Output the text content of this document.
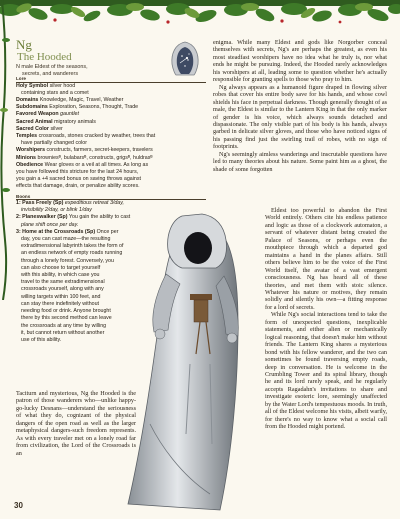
Ng
The Hooded
N male Eldest of the seasons,
secrets, and wanderers
Lore

Holy Symbol silver hood
containing stars and a comet

Domains Knowledge, Magic, Travel, Weather

Subdomains Exploration, Seasons, Thought, Trade

Favored Weapon gauntlet

Sacred Animal migratory animals

Sacred Color silver

Temples crossroads, stones cracked by weather, trees that
have partially changed color

Worshipers constructs, farmers, secret-keepers, travelers

Minions browniesᴮ, bulabarsᴮ, constructs, grigsᴮ, huldrasᴮ

Obedience Wear gloves or a veil at all times. As long as
you have followed this stricture for the last 24 hours,
you gain a +4 sacred bonus on saving throws against
effects that damage, drain, or penalize ability scores.

Boons

1: Pass Freely (Sp) expeditious retreat 3/day,
invisibility 2/day, or blink 1/day

2: Planeswalker (Sp) You gain the ability to cast
plane shift once per day.

3: Home at the Crossroads (Sp) Once per
day, you can cast maze—the resulting
extradimensional labyrinth takes the form of
an endless network of empty roads running
through a lonely forest. Conversely, you
can also choose to target yourself
with this ability, in which case you
travel to the same extradimensional
crossroads yourself, along with any
willing targets within 100 feet, and
can stay there indefinitely without
needing food or drink. Anyone brought
there by this second method can leave
the crossroads at any time by willing
it, but cannot return without another
use of this ability.

Taciturn and mysterious, Ng the Hooded is the patron of those wanderers who—unlike happy-go-lucky Desnans—understand the seriousness of what they do, cognizant of the physical dangers of the open road as well as the larger metaphysical dangers-such freedom represents. As with every traveler met on a lonely road far from civilization, the Lord of the Crossroads is an

enigma. While many Eldest and gods like Norgorber conceal themselves with secrets, Ng's are perhaps the greatest, as even his most steadfast worshipers have no idea what he truly is, nor what ends he might be pursuing. Indeed, the Hooded rarely acknowledges his worshipers at all, leading some to question whether he's actually responsible for granting spells to those who pray to him.

Ng always appears as a humanoid figure draped in flowing silver robes that cover his entire body save for his hands, and whose cowl shields his face in perpetual darkness. Though generally thought of as male, the Eldest is similar to the Lantern King in that the only marker of gender is his voice, which always sounds detached and dispassionate. The only visible part of his body is his hands, always garbed in delicate silver gloves, and those who have noticed signs of his passing find just the swirling trail of robes, with no sign of footprints.

Ng's seemingly aimless wanderings and inscrutable questions have led to many theories about his nature. Some paint him as a ghost, the shade of some forgotten

Eldest too powerful to abandon the First World entirely. Others cite his endless patience and logic as those of a clockwork automaton, a servant of whatever distant being created the Palace of Seasons, or perhaps even the mouthpiece through which a departed god maintains a hand in the planes affairs. Still others believe him to be the voice of the First World itself, the avatar of a vast emergent consciousness. Ng has heard all of these theories, and met them with stoic silence. Whatever his nature or motives, they remain solidly and silently his own—a fitting response for a lord of secrets.

While Ng's social interactions tend to take the form of unexpected questions, inexplicable statements, and either alien or mechanically logical reasoning, that doesn't make him without friends. The Lantern King shares a mysterious bond with his fellow wanderer, and the two can sometimes be found traversing empty roads, deep in conversation. He is welcome in the Crumbling Tower and its spiral library, though he and its lord rarely speak, and he regularly accepts Ragadahn's invitations to share and investigate esoteric lore, seemingly unaffected by the Water Lord's tempestuous moods. In truth, all of the Eldest welcome his visits, albeit warily, for there's no way to know what a social call from the Hooded might portend.

30
